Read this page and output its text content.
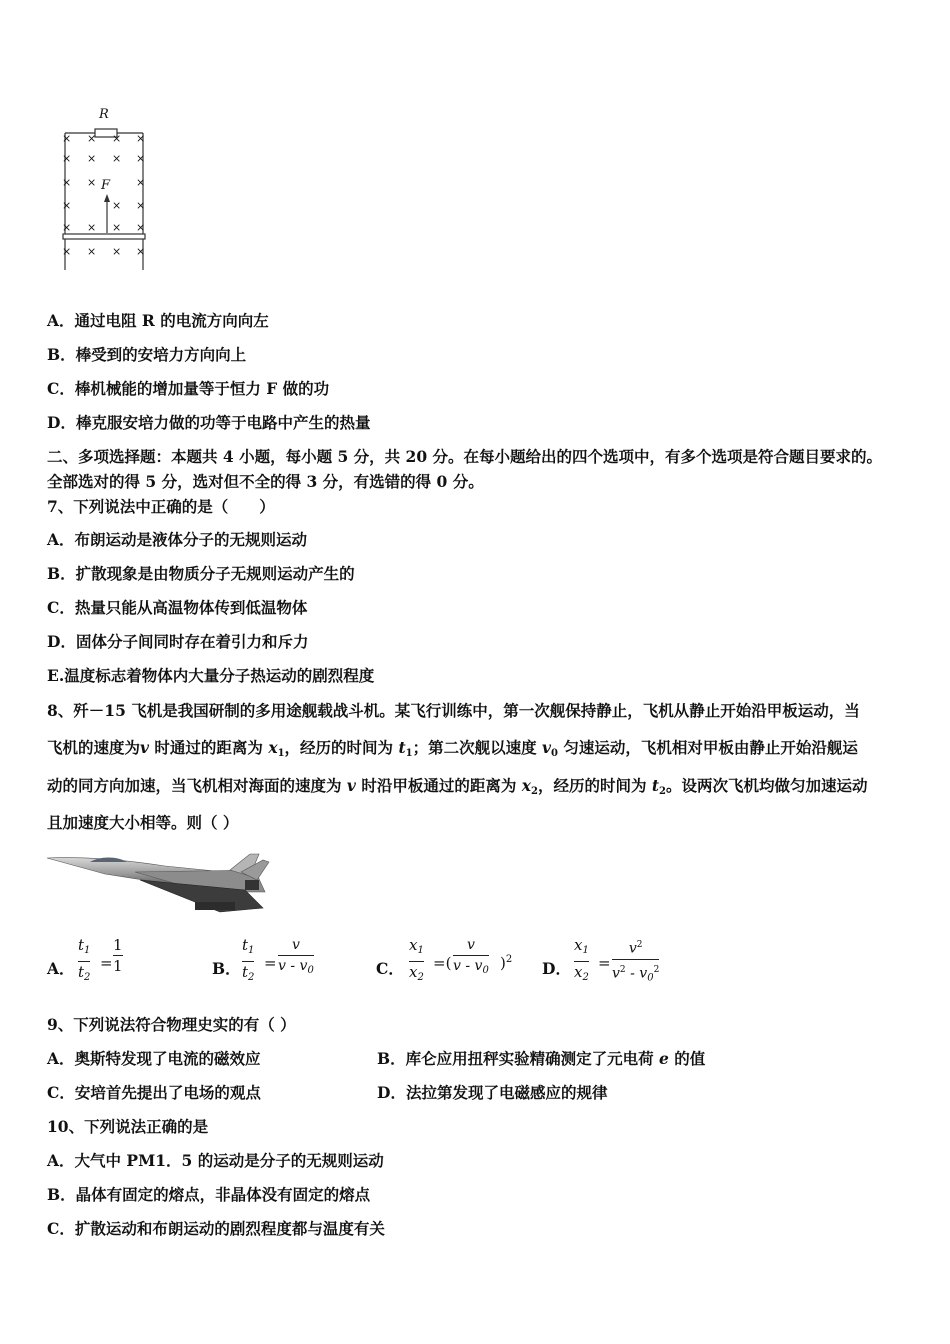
R
F
× × × ×
× × × ×
× ×	×
×	× ×
× × × ×
× × × ×
A．通过电阻 R 的电流方向向左
B．棒受到的安培力方向向上
C．棒机械能的增加量等于恒力 F 做的功
D．棒克服安培力做的功等于电路中产生的热量
二、多项选择题：本题共 4 小题，每小题 5 分，共 20 分。在每小题给出的四个选项中，有多个选项是符合题目要求的。
全部选对的得 5 分，选对但不全的得 3 分，有选错的得 0 分。
7、下列说法中正确的是（　　）
A．布朗运动是液体分子的无规则运动
B．扩散现象是由物质分子无规则运动产生的
C．热量只能从高温物体传到低温物体
D．固体分子间同时存在着引力和斥力
E.温度标志着物体内大量分子热运动的剧烈程度
8、歼－15 飞机是我国研制的多用途舰载战斗机。某飞行训练中，第一次舰保持静止，飞机从静止开始沿甲板运动，当
飞机的速度为v 时通过的距离为 $x_1$，经历的时间为 $t_1$；第二次舰以速度 $v_0$ 匀速运动，飞机相对甲板由静止开始沿舰运
动的同方向加速，当飞机相对海面的速度为 v 时沿甲板通过的距离为 $x_2$，经历的时间为 $t_2$。设两次飞机均做匀加速运动
且加速度大小相等。则（ ）
A．
$t_1$
$t_2$
=
1
1	B．
$t_1$
$t_2$
=
v
v - $v_0$	C．
$x_1$
$x_2$
=(
v
v - $v_0$ )$^2$ D．
$x_1$
$x_2$
=
$v^2$
$v^2 - v_0^2$
9、下列说法符合物理史实的有（ ）
A．奥斯特发现了电流的磁效应	B．库仑应用扭秤实验精确测定了元电荷 e 的值
C．安培首先提出了电场的观点	D．法拉第发现了电磁感应的规律
10、下列说法正确的是
A．大气中 PM1．5 的运动是分子的无规则运动
B．晶体有固定的熔点，非晶体没有固定的熔点
C．扩散运动和布朗运动的剧烈程度都与温度有关
